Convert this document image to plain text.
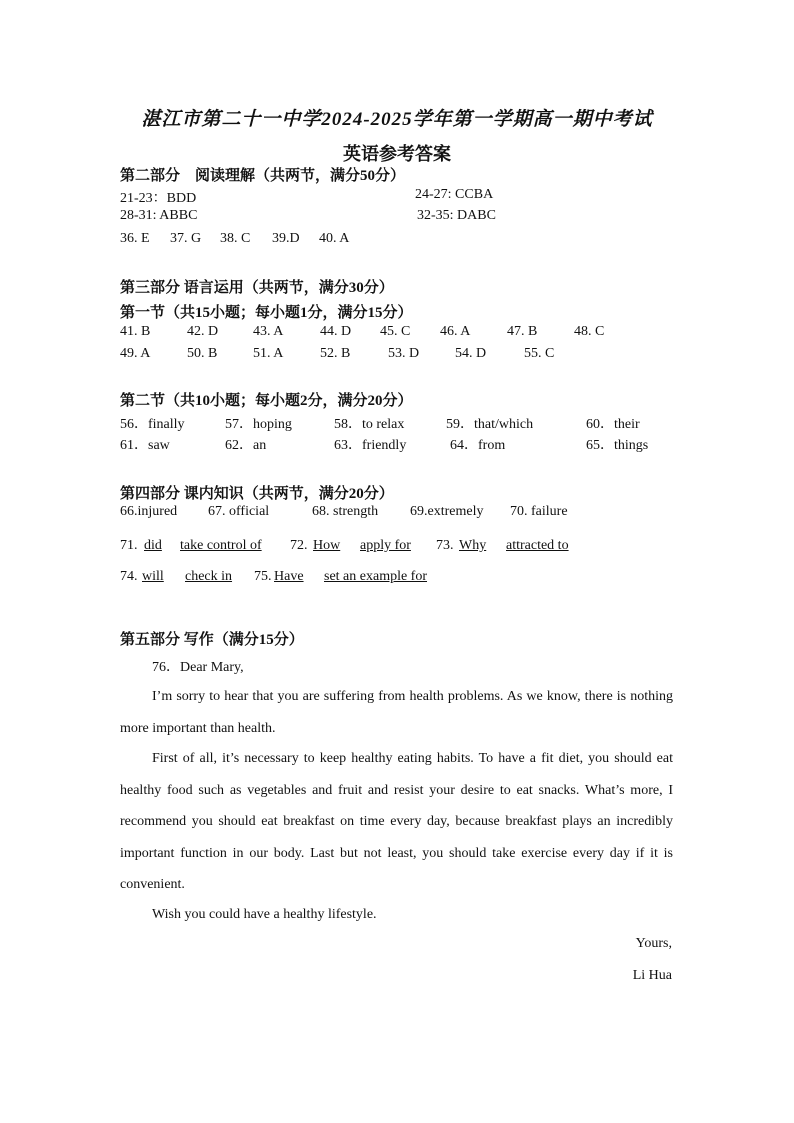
湛江市第二十一中学2024-2025学年第一学期高一期中考试
英语参考答案
第二部分　阅读理解（共两节，满分50分）
21-23：BDD	24-27: CCBA
28-31: ABBC	32-35: DABC
36. E 37. G 38. C 39.D 40. A
第三部分 语言运用（共两节，满分30分）
第一节（共15小题；每小题1分，满分15分）
41. B	42. D 43. A	44. D 45. C 46. A	47. B	48. C
49. A	50. B	51. A	52. B	53. D	54. D	55. C
第二节（共10小题；每小题2分，满分20分）
56．finally	57．hoping	58．to relax	59．that/which	60．their
61．saw	62．an	63．friendly	64．from	65．things
第四部分 课内知识（共两节，满分20分）
66.injured 67. official	68. strength 69.extremely 70. failure
71. did take control of 72. How apply for 73. Why attracted to
74. will check in 75. Have set an example for
第五部分 写作（满分15分）
76．Dear Mary,
I’m sorry to hear that you are suffering from health problems. As we know, there is nothing more important than health.
First of all, it’s necessary to keep healthy eating habits. To have a fit diet, you should eat healthy food such as vegetables and fruit and resist your desire to eat snacks. What’s more, I recommend you should eat breakfast on time every day, because breakfast plays an incredibly important function in our body. Last but not least, you should take exercise every day if it is convenient.
Wish you could have a healthy lifestyle.
Yours,
Li Hua
